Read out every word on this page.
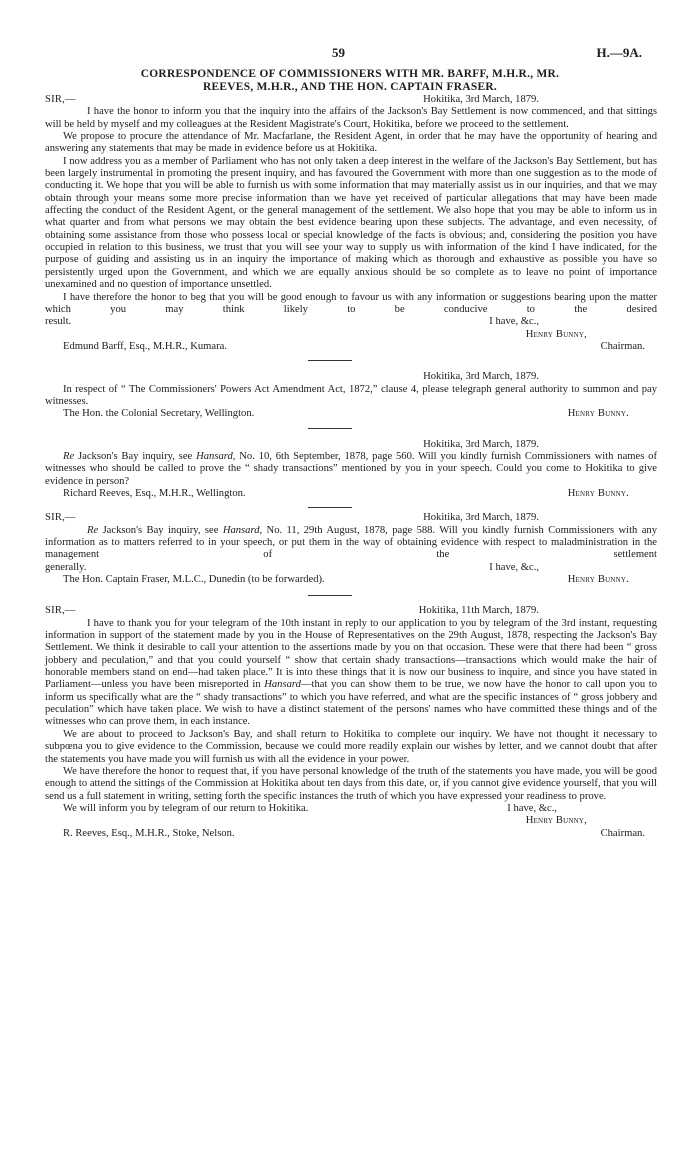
59	H.—9A.
CORRESPONDENCE OF COMMISSIONERS WITH MR. BARFF, M.H.R., MR.
REEVES, M.H.R., AND THE HON. CAPTAIN FRASER.
SIR,—	Hokitika, 3rd March, 1879.

I have the honor to inform you that the inquiry into the affairs of the Jackson's Bay Settlement is now commenced, and that sittings will be held by myself and my colleagues at the Resident Magistrate's Court, Hokitika, before we proceed to the settlement.

We propose to procure the attendance of Mr. Macfarlane, the Resident Agent, in order that he may have the opportunity of hearing and answering any statements that may be made in evidence before us at Hokitika.

I now address you as a member of Parliament who has not only taken a deep interest in the welfare of the Jackson's Bay Settlement, but has been largely instrumental in promoting the present inquiry, and has favoured the Government with more than one suggestion as to the mode of conducting it. We hope that you will be able to furnish us with some information that may materially assist us in our inquiries, and that we may obtain through your means some more precise information than we have yet received of particular allegations that may have been made affecting the conduct of the Resident Agent, or the general management of the settlement. We also hope that you may be able to inform us in what quarter and from what persons we may obtain the best evidence bearing upon these subjects. The advantage, and even necessity, of obtaining some assistance from those who possess local or special knowledge of the facts is obvious; and, considering the position you have occupied in relation to this business, we trust that you will see your way to supply us with information of the kind I have indicated, for the purpose of guiding and assisting us in an inquiry the importance of making which as thorough and exhaustive as possible you have so persistently urged upon the Government, and which we are equally anxious should be so complete as to leave no point of importance unexamined and no question of importance unsettled.

I have therefore the honor to beg that you will be good enough to favour us with any information or suggestions bearing upon the matter which you may think likely to be conducive to the desired

result.	I have, &c.,
Henry Bunny,
Edmund Barff, Esq., M.H.R., Kumara.	Chairman.
Hokitika, 3rd March, 1879.

In respect of “ The Commissioners' Powers Act Amendment Act, 1872,” clause 4, please telegraph general authority to summon and pay witnesses.

The Hon. the Colonial Secretary, Wellington.	Henry Bunny.
Hokitika, 3rd March, 1879.

Re Jackson's Bay inquiry, see Hansard, No. 10, 6th September, 1878, page 560. Will you kindly furnish Commissioners with names of witnesses who should be called to prove the “ shady transactions” mentioned by you in your speech. Could you come to Hokitika to give evidence in person?

Richard Reeves, Esq., M.H.R., Wellington.	Henry Bunny.
SIR,—	Hokitika, 3rd March, 1879.

Re Jackson's Bay inquiry, see Hansard, No. 11, 29th August, 1878, page 588. Will you kindly furnish Commissioners with any information as to matters referred to in your speech, or put them in the way of obtaining evidence with respect to maladministration in the management of the settlement

generally.	I have, &c.,
The Hon. Captain Fraser, M.L.C., Dunedin (to be forwarded).	Henry Bunny.
SIR,—	Hokitika, 11th March, 1879.

I have to thank you for your telegram of the 10th instant in reply to our application to you by telegram of the 3rd instant, requesting information in support of the statement made by you in the House of Representatives on the 29th August, 1878, respecting the Jackson's Bay Settlement. We think it desirable to call your attention to the assertions made by you on that occasion. These were that there had been “ gross jobbery and peculation,” and that you could yourself “ show that certain shady transactions—transactions which would make the hair of honorable members stand on end—had taken place.” It is into these things that it is now our business to inquire, and since you have stated in Parliament—unless you have been misreported in Hansard—that you can show them to be true, we now have the honor to call upon you to inform us specifically what are the “ shady transactions” to which you have referred, and what are the specific instances of “ gross jobbery and peculation” which have taken place. We wish to have a distinct statement of the persons' names who have committed these things and of the witnesses who can prove them, in each instance.

We are about to proceed to Jackson's Bay, and shall return to Hokitika to complete our inquiry. We have not thought it necessary to subpœna you to give evidence to the Commission, because we could more readily explain our wishes by letter, and we cannot doubt that after the statements you have made you will furnish us with all the evidence in your power.

We have therefore the honor to request that, if you have personal knowledge of the truth of the statements you have made, you will be good enough to attend the sittings of the Commission at Hokitika about ten days from this date, or, if you cannot give evidence yourself, that you will send us a full statement in writing, setting forth the specific instances the truth of which you have expressed your readiness to prove.

We will inform you by telegram of our return to Hokitika.	I have, &c.,
Henry Bunny,
R. Reeves, Esq., M.H.R., Stoke, Nelson.	Chairman.
